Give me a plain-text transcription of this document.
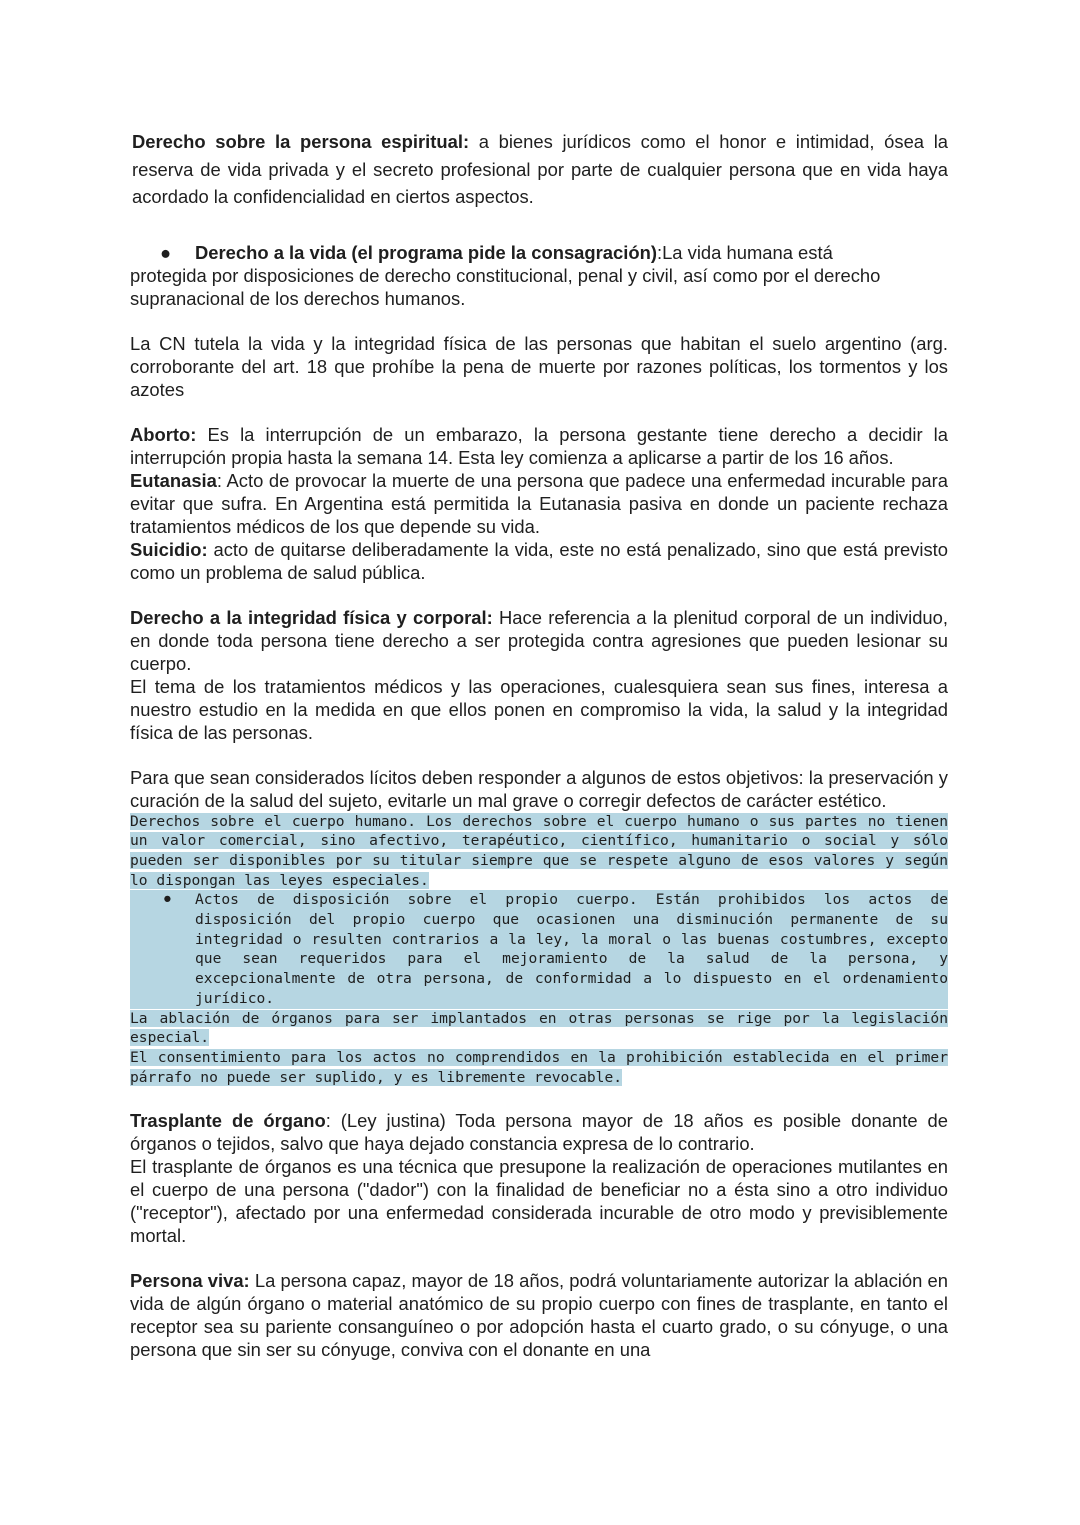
Derecho sobre la persona espiritual: a bienes jurídicos como el honor e intimidad, ósea la reserva de vida privada y el secreto profesional por parte de cualquier persona que en vida haya acordado la confidencialidad en ciertos aspectos.

● Derecho a la vida (el programa pide la consagración):La vida humana está

protegida por disposiciones de derecho constitucional, penal y civil, así como por el derecho supranacional de los derechos humanos.

La CN tutela la vida y la integridad física de las personas que habitan el suelo argentino (arg. corroborante del art. 18 que prohíbe la pena de muerte por razones políticas, los tormentos y los azotes

Aborto: Es la interrupción de un embarazo, la persona gestante tiene derecho a decidir la interrupción propia hasta la semana 14. Esta ley comienza a aplicarse a partir de los 16 años.

Eutanasia: Acto de provocar la muerte de una persona que padece una enfermedad incurable para evitar que sufra. En Argentina está permitida la Eutanasia pasiva en donde un paciente rechaza tratamientos médicos de los que depende su vida.

Suicidio: acto de quitarse deliberadamente la vida, este no está penalizado, sino que está previsto como un problema de salud pública.

Derecho a la integridad física y corporal: Hace referencia a la plenitud corporal de un individuo, en donde toda persona tiene derecho a ser protegida contra agresiones que pueden lesionar su cuerpo.

El tema de los tratamientos médicos y las operaciones, cualesquiera sean sus fines, interesa a nuestro estudio en la medida en que ellos ponen en compromiso la vida, la salud y la integridad física de las personas.

Para que sean considerados lícitos deben responder a algunos de estos objetivos: la preservación y curación de la salud del sujeto, evitarle un mal grave o corregir defectos de carácter estético.

Derechos sobre el cuerpo humano. Los derechos sobre el cuerpo humano o sus partes no tienen un valor comercial, sino afectivo, terapéutico, científico, humanitario o social y sólo pueden ser disponibles por su titular siempre que se respete alguno de esos valores y según lo dispongan las leyes especiales.

● Actos de disposición sobre el propio cuerpo. Están prohibidos los actos de disposición del propio cuerpo que ocasionen una disminución permanente de su integridad o resulten contrarios a la ley, la moral o las buenas costumbres, excepto que sean requeridos para el mejoramiento de la salud de la persona, y excepcionalmente de otra persona, de conformidad a lo dispuesto en el ordenamiento jurídico.

La ablación de órganos para ser implantados en otras personas se rige por la legislación especial.

El consentimiento para los actos no comprendidos en la prohibición establecida en el primer párrafo no puede ser suplido, y es libremente revocable.

Trasplante de órgano: (Ley justina) Toda persona mayor de 18 años es posible donante de órganos o tejidos, salvo que haya dejado constancia expresa de lo contrario.

El trasplante de órganos es una técnica que presupone la realización de operaciones mutilantes en el cuerpo de una persona ("dador") con la finalidad de beneficiar no a ésta sino a otro individuo ("receptor"), afectado por una enfermedad considerada incurable de otro modo y previsiblemente mortal.

Persona viva: La persona capaz, mayor de 18 años, podrá voluntariamente autorizar la ablación en vida de algún órgano o material anatómico de su propio cuerpo con fines de trasplante, en tanto el receptor sea su pariente consanguíneo o por adopción hasta el cuarto grado, o su cónyuge, o una persona que sin ser su cónyuge, conviva con el donante en una
